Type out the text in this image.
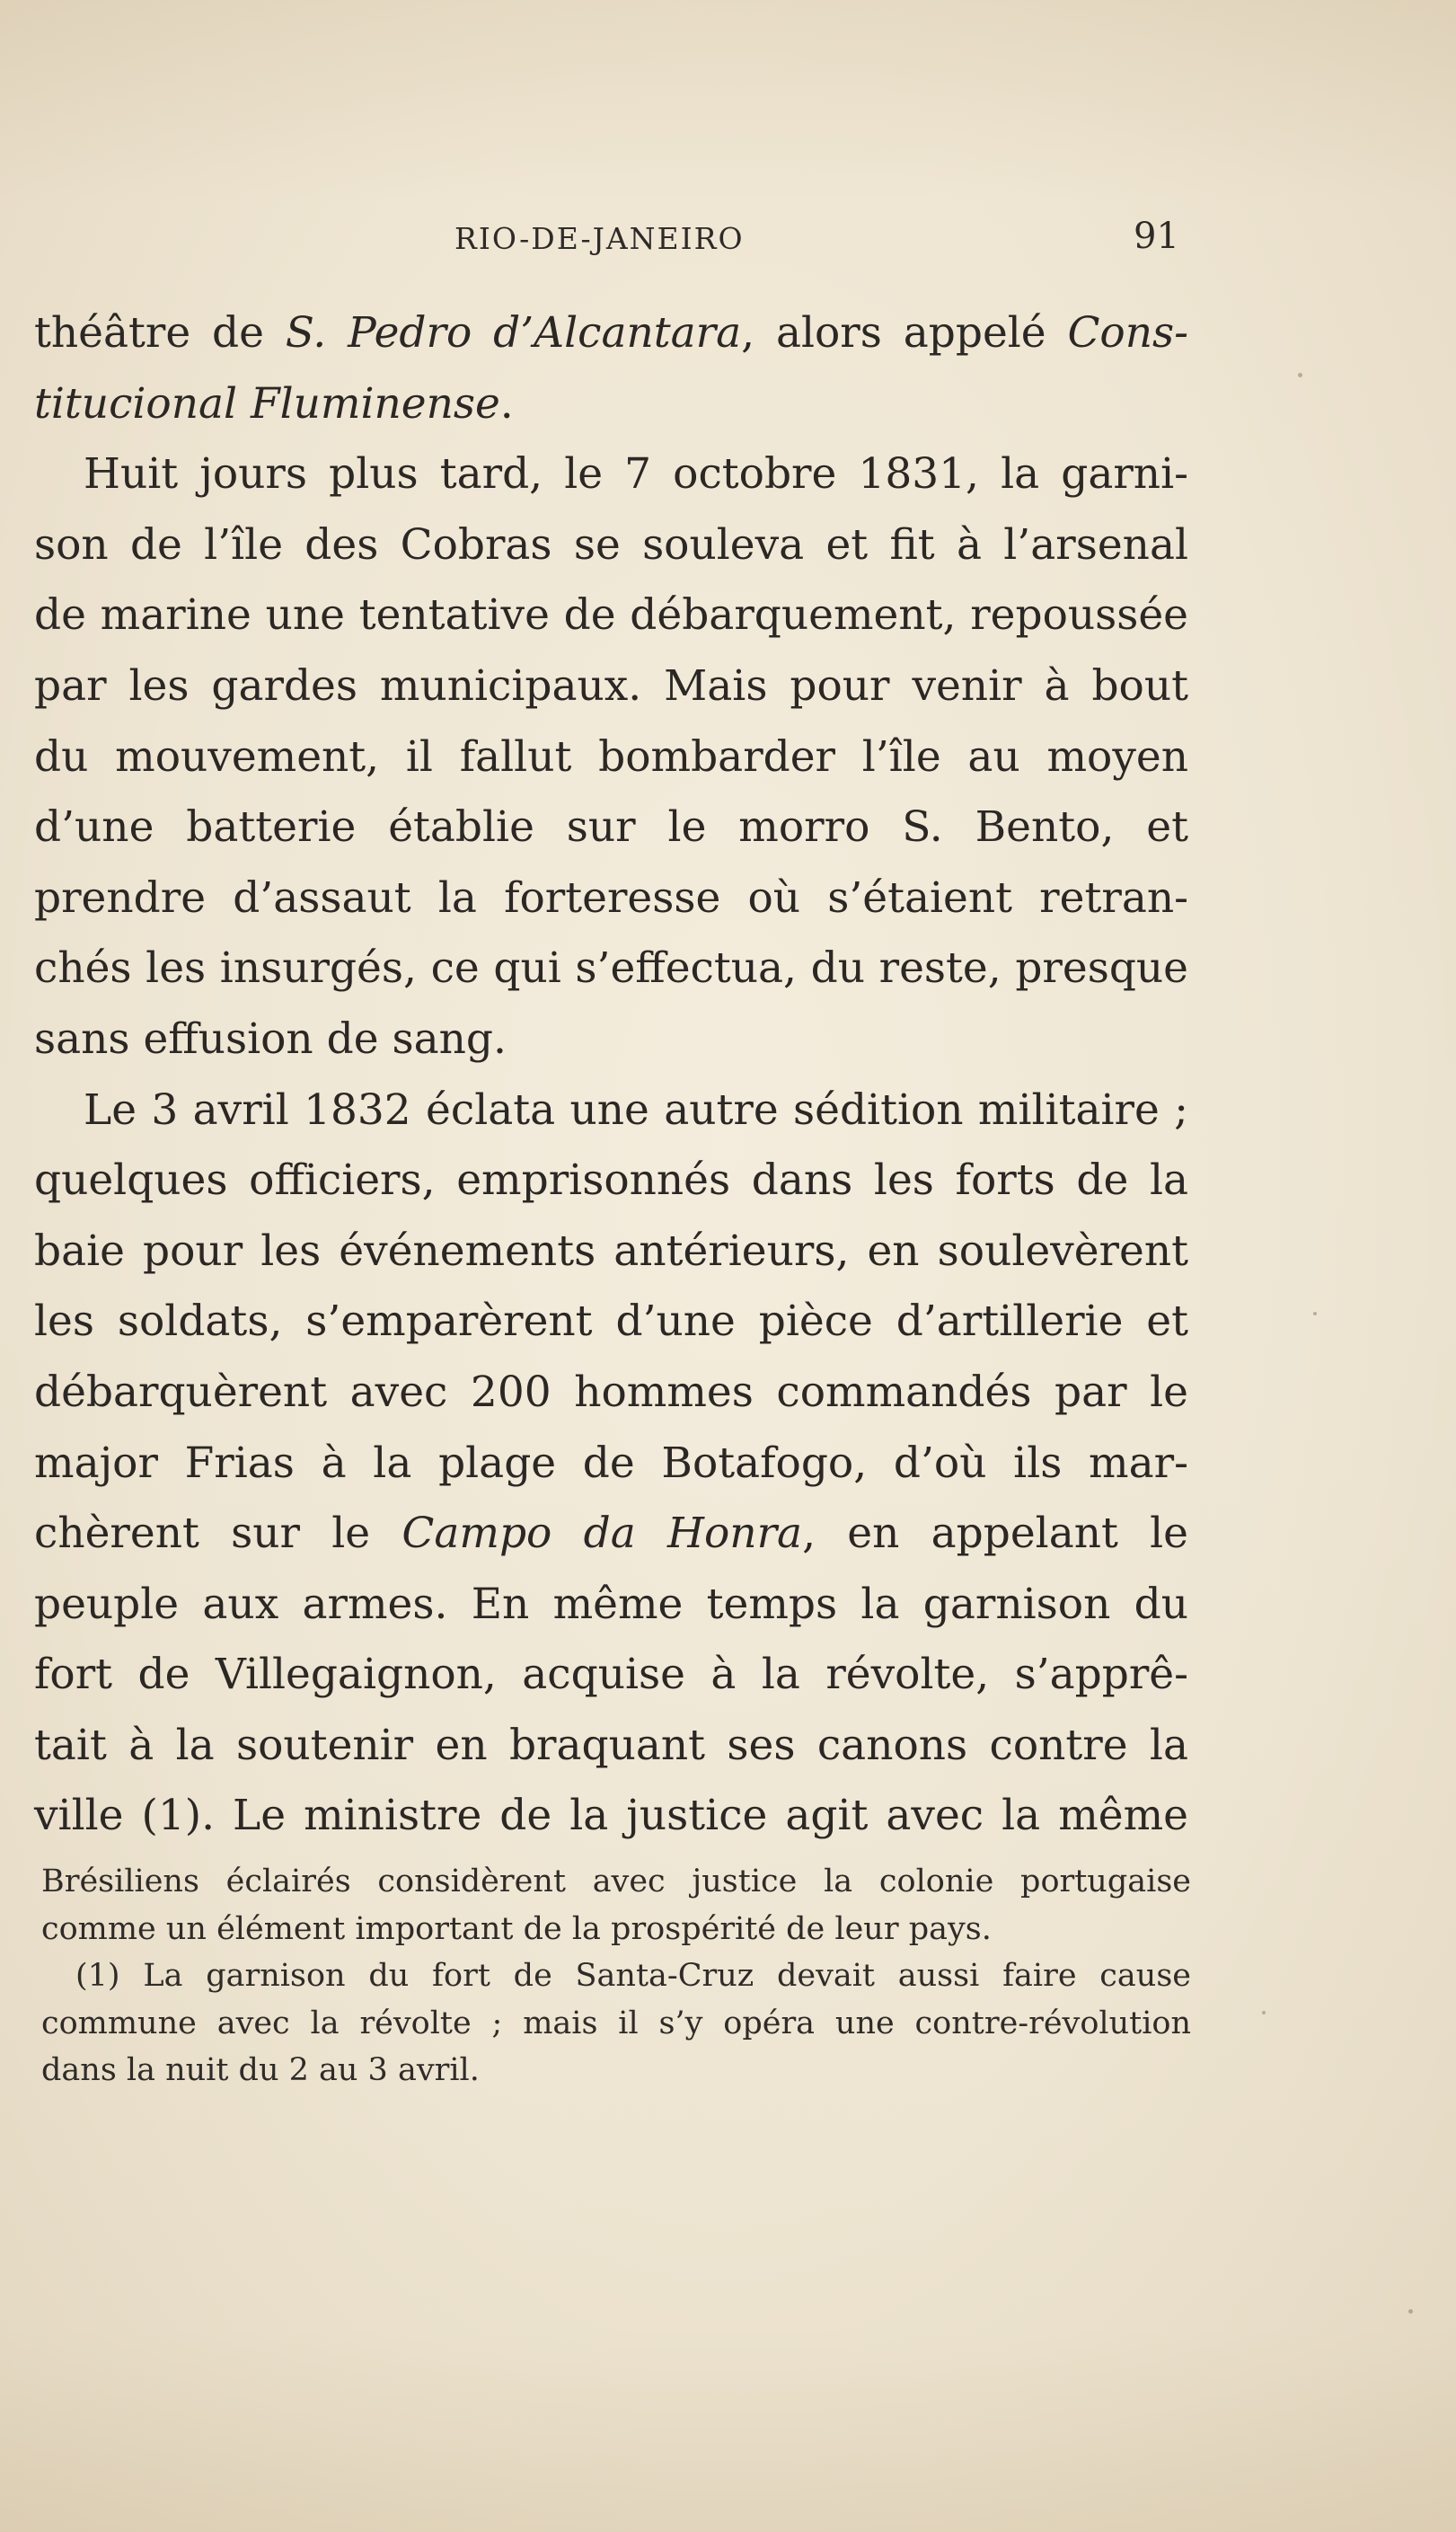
RIO-DE-JANEIRO	91
théâtre de S. Pedro d’Alcantara, alors appelé Cons-
titucional Fluminense.
Huit jours plus tard, le 7 octobre 1831, la garni-
son de l’île des Cobras se souleva et fit à l’arsenal
de marine une tentative de débarquement, repoussée
par les gardes municipaux. Mais pour venir à bout
du mouvement, il fallut bombarder l’île au moyen
d’une batterie établie sur le morro S. Bento, et
prendre d’assaut la forteresse où s’étaient retran-
chés les insurgés, ce qui s’effectua, du reste, presque
sans effusion de sang.
Le 3 avril 1832 éclata une autre sédition militaire ;
quelques officiers, emprisonnés dans les forts de la
baie pour les événements antérieurs, en soulevèrent
les soldats, s’emparèrent d’une pièce d’artillerie et
débarquèrent avec 200 hommes commandés par le
major Frias à la plage de Botafogo, d’où ils mar-
chèrent sur le Campo da Honra, en appelant le
peuple aux armes. En même temps la garnison du
fort de Villegaignon, acquise à la révolte, s’apprê-
tait à la soutenir en braquant ses canons contre la
ville (1). Le ministre de la justice agit avec la même
Brésiliens éclairés considèrent avec justice la colonie portugaise
comme un élément important de la prospérité de leur pays.
(1) La garnison du fort de Santa-Cruz devait aussi faire cause
commune avec la révolte ; mais il s’y opéra une contre-révolution
dans la nuit du 2 au 3 avril.
